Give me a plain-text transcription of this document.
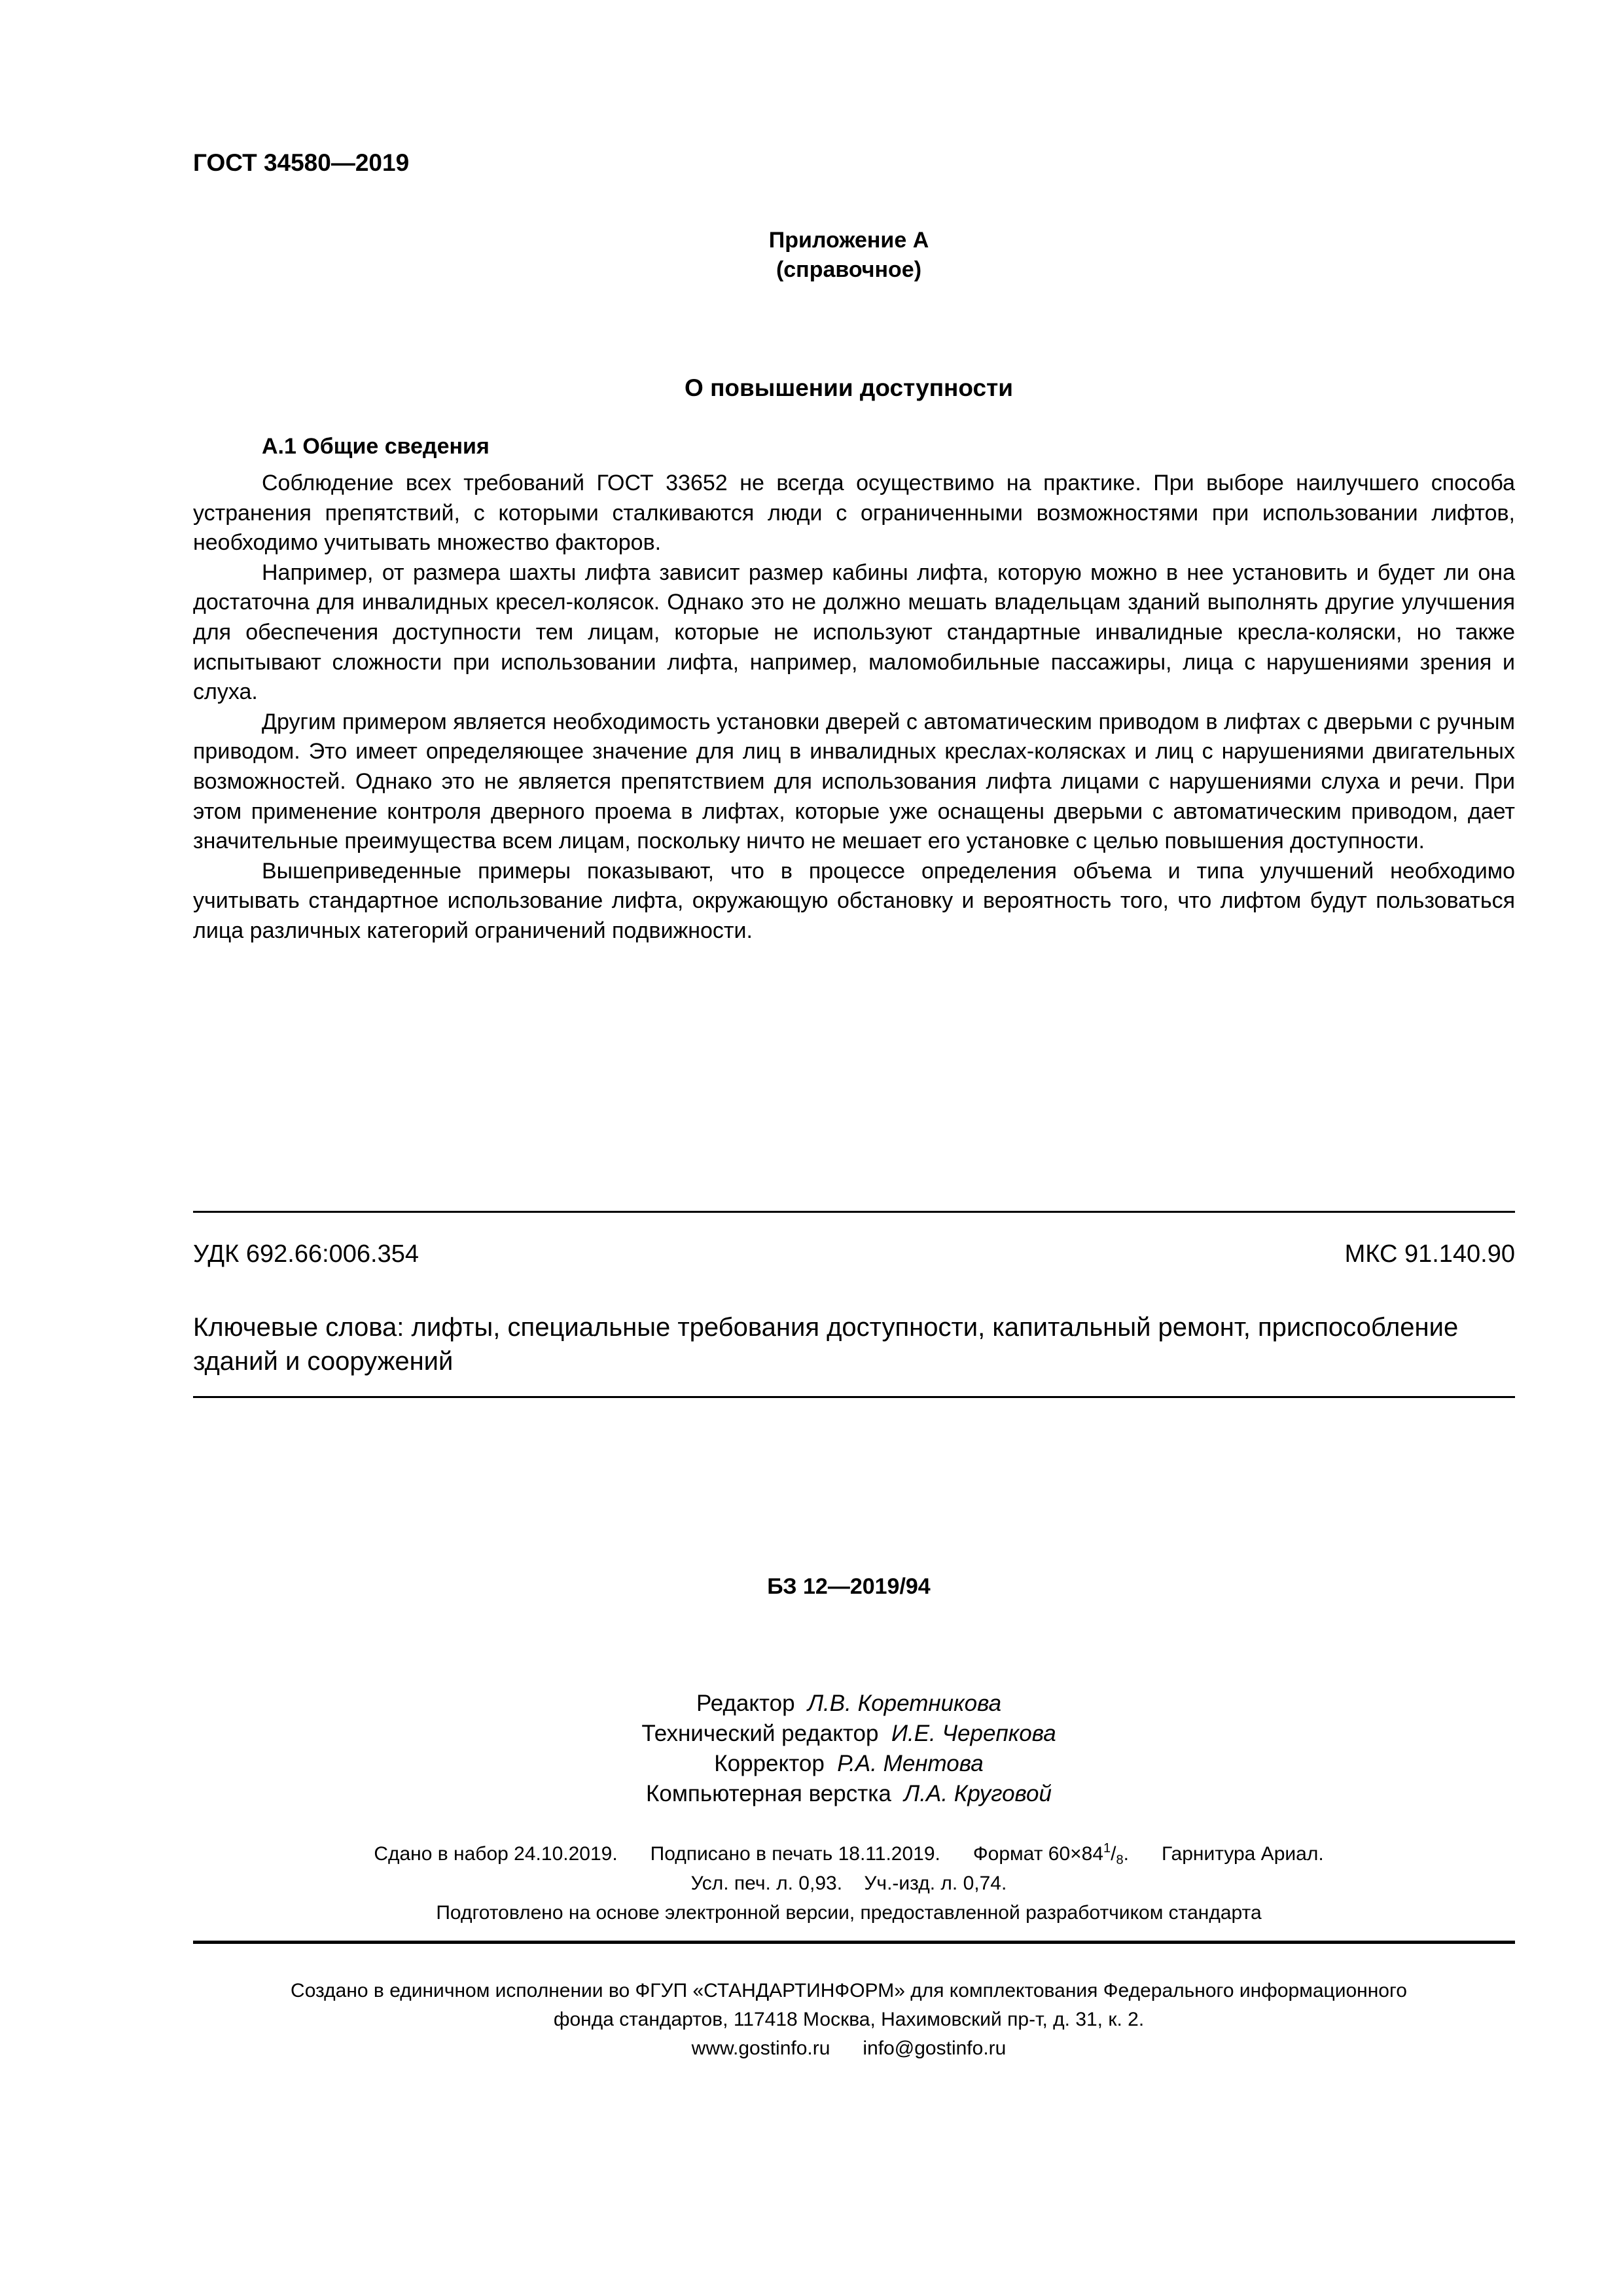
ГОСТ 34580—2019
Приложение А
(справочное)
О повышении доступности
А.1 Общие сведения

Соблюдение всех требований ГОСТ 33652 не всегда осуществимо на практике. При выборе наилучшего способа устранения препятствий, с которыми сталкиваются люди с ограниченными возможностями при использовании лифтов, необходимо учитывать множество факторов.

Например, от размера шахты лифта зависит размер кабины лифта, которую можно в нее установить и будет ли она достаточна для инвалидных кресел-колясок. Однако это не должно мешать владельцам зданий выполнять другие улучшения для обеспечения доступности тем лицам, которые не используют стандартные инвалидные кресла-коляски, но также испытывают сложности при использовании лифта, например, маломобильные пассажиры, лица с нарушениями зрения и слуха.

Другим примером является необходимость установки дверей с автоматическим приводом в лифтах с дверьми с ручным приводом. Это имеет определяющее значение для лиц в инвалидных креслах-колясках и лиц с нарушениями двигательных возможностей. Однако это не является препятствием для использования лифта лицами с нарушениями слуха и речи. При этом применение контроля дверного проема в лифтах, которые уже оснащены дверьми с автоматическим приводом, дает значительные преимущества всем лицам, поскольку ничто не мешает его установке с целью повышения доступности.

Вышеприведенные примеры показывают, что в процессе определения объема и типа улучшений необходимо учитывать стандартное использование лифта, окружающую обстановку и вероятность того, что лифтом будут пользоваться лица различных категорий ограничений подвижности.

УДК 692.66:006.354	МКС 91.140.90

Ключевые слова: лифты, специальные требования доступности, капитальный ремонт, приспособление

зданий и сооружений

БЗ 12—2019/94
Редактор Л.В. Коретникова
Технический редактор И.Е. Черепкова
Корректор Р.А. Ментова
Компьютерная верстка Л.А. Круговой
Сдано в набор 24.10.2019. Подписано в печать 18.11.2019. Формат $60\times 84^1/_8$. Гарнитура Ариал.
Усл. печ. л. 0,93. Уч.-изд. л. 0,74.
Подготовлено на основе электронной версии, предоставленной разработчиком стандарта
Создано в единичном исполнении во ФГУП «СТАНДАРТИНФОРМ» для комплектования Федерального информационного
фонда стандартов, 117418 Москва, Нахимовский пр-т, д. 31, к. 2.
www.gostinfo.ru info@gostinfo.ru
